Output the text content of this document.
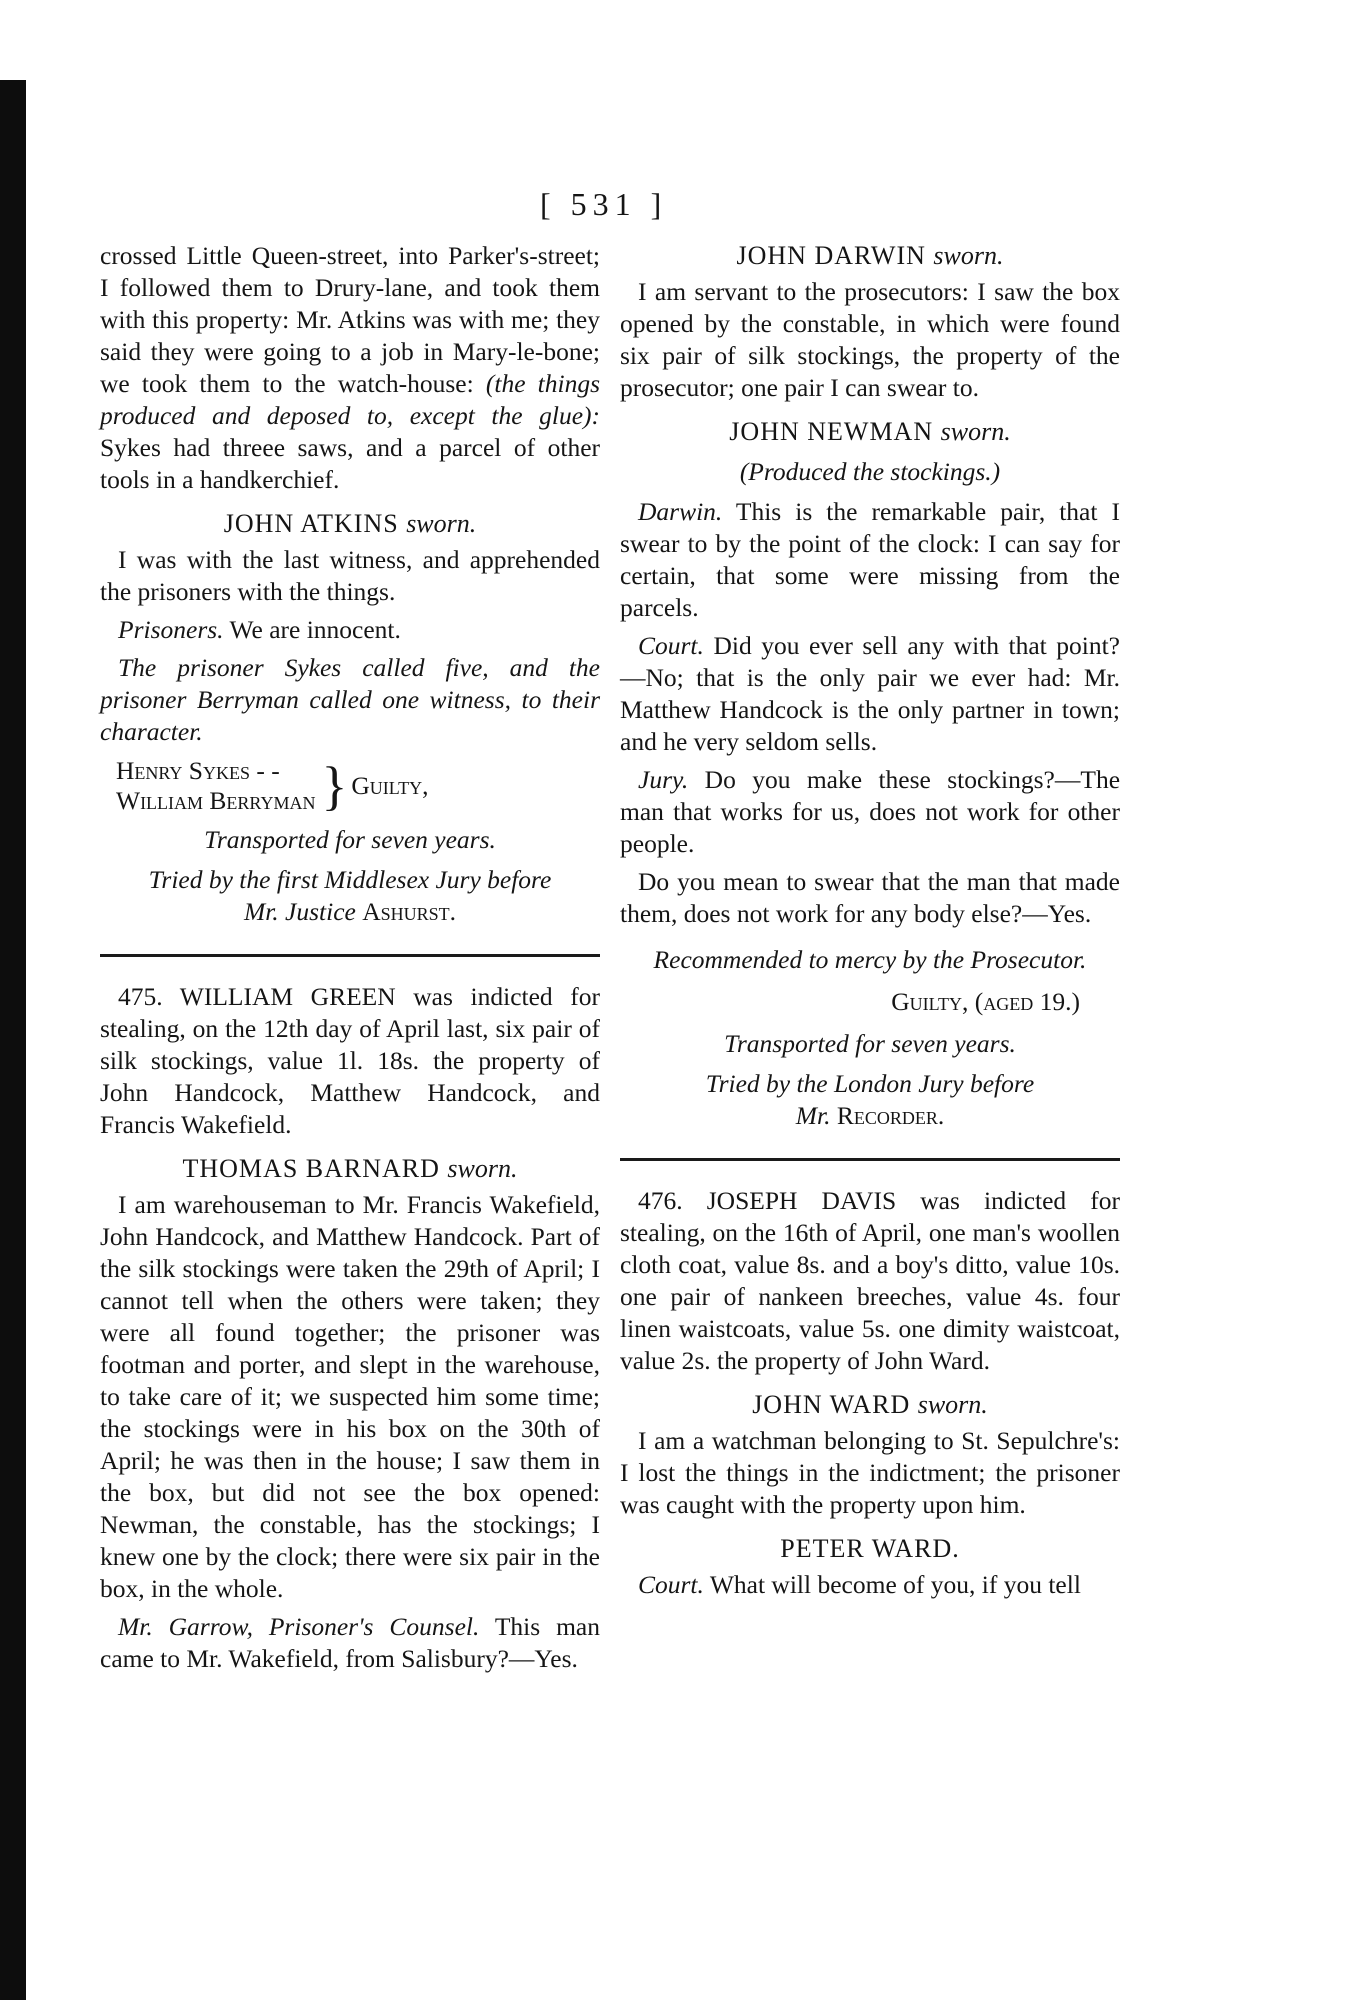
[ 531 ]

crossed Little Queen-street, into Parker's-street; I followed them to Drury-lane, and took them with this property: Mr. Atkins was with me; they said they were going to a job in Mary-le-bone; we took them to the watch-house: (the things produced and deposed to, except the glue): Sykes had threee saws, and a parcel of other tools in a handkerchief.

JOHN ATKINS sworn.

I was with the last witness, and apprehended the prisoners with the things.

Prisoners. We are innocent.

The prisoner Sykes called five, and the prisoner Berryman called one witness, to their character.

Henry Sykes - -
William Berryman } Guilty,
Transported for seven years.
Tried by the first Middlesex Jury before
Mr. Justice Ashurst.

475. WILLIAM GREEN was indicted for stealing, on the 12th day of April last, six pair of silk stockings, value 1l. 18s. the property of John Handcock, Matthew Handcock, and Francis Wakefield.

THOMAS BARNARD sworn.

I am warehouseman to Mr. Francis Wakefield, John Handcock, and Matthew Handcock. Part of the silk stockings were taken the 29th of April; I cannot tell when the others were taken; they were all found together; the prisoner was footman and porter, and slept in the warehouse, to take care of it; we suspected him some time; the stockings were in his box on the 30th of April; he was then in the house; I saw them in the box, but did not see the box opened: Newman, the constable, has the stockings; I knew one by the clock; there were six pair in the box, in the whole.

Mr. Garrow, Prisoner's Counsel. This man came to Mr. Wakefield, from Salisbury?—Yes.

JOHN DARWIN sworn.

I am servant to the prosecutors: I saw the box opened by the constable, in which were found six pair of silk stockings, the property of the prosecutor; one pair I can swear to.

JOHN NEWMAN sworn.
(Produced the stockings.)

Darwin. This is the remarkable pair, that I swear to by the point of the clock: I can say for certain, that some were missing from the parcels.

Court. Did you ever sell any with that point?—No; that is the only pair we ever had: Mr. Matthew Handcock is the only partner in town; and he very seldom sells.

Jury. Do you make these stockings?—The man that works for us, does not work for other people.

Do you mean to swear that the man that made them, does not work for any body else?—Yes.

Recommended to mercy by the Prosecutor.
Guilty, (aged 19.)
Transported for seven years.
Tried by the London Jury before
Mr. Recorder.

476. JOSEPH DAVIS was indicted for stealing, on the 16th of April, one man's woollen cloth coat, value 8s. and a boy's ditto, value 10s. one pair of nankeen breeches, value 4s. four linen waistcoats, value 5s. one dimity waistcoat, value 2s. the property of John Ward.

JOHN WARD sworn.

I am a watchman belonging to St. Sepulchre's: I lost the things in the indictment; the prisoner was caught with the property upon him.

PETER WARD.

Court. What will become of you, if you tell
